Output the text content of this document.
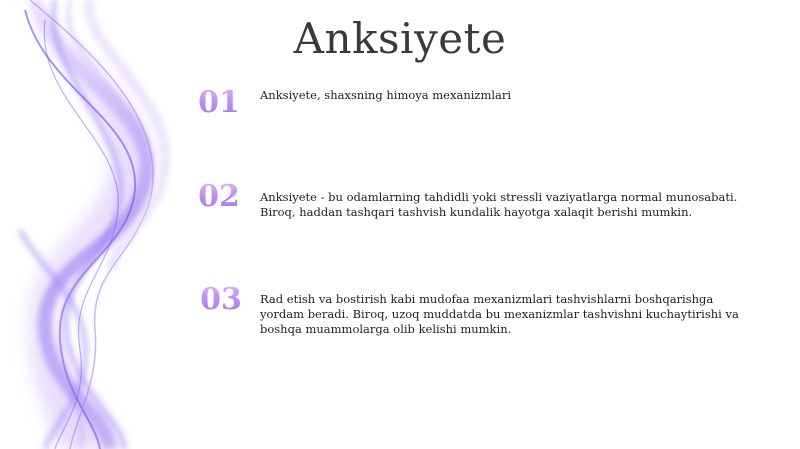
Anksiyete
01	Anksiyete, shaxsning himoya mexanizmlari
02	Anksiyete - bu odamlarning tahdidli yoki stressli vaziyatlarga normal munosabati. Biroq, haddan tashqari tashvish kundalik hayotga xalaqit berishi mumkin.
03	Rad etish va bostirish kabi mudofaa mexanizmlari tashvishlarni boshqarishga yordam beradi. Biroq, uzoq muddatda bu mexanizmlar tashvishni kuchaytirishi va boshqa muammolarga olib kelishi mumkin.
